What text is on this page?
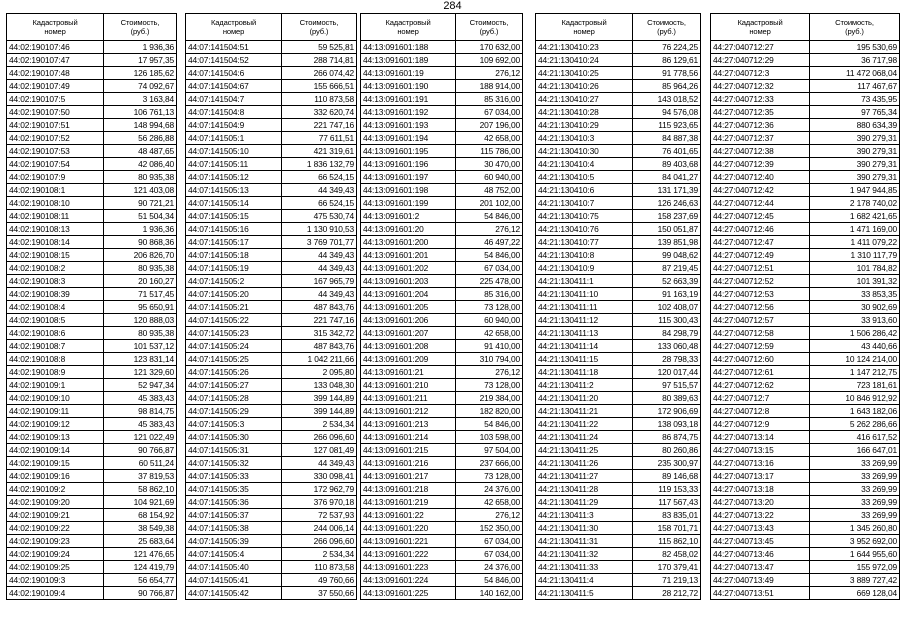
284
Кадастровый
номер	Стоимость,
(руб.)
44:02:190107:46	1 936,36
44:02:190107:47	17 957,35
44:02:190107:48	126 185,62
44:02:190107:49	74 092,67
44:02:190107:5	3 163,84
44:02:190107:50	106 761,13
44:02:190107:51	148 994,68
44:02:190107:52	56 286,88
44:02:190107:53	48 487,65
44:02:190107:54	42 086,40
44:02:190107:9	80 935,38
44:02:190108:1	121 403,08
44:02:190108:10	90 721,21
44:02:190108:11	51 504,34
44:02:190108:13	1 936,36
44:02:190108:14	90 868,36
44:02:190108:15	206 826,70
44:02:190108:2	80 935,38
44:02:190108:3	20 160,27
44:02:190108:39	71 517,45
44:02:190108:4	95 650,91
44:02:190108:5	120 888,03
44:02:190108:6	80 935,38
44:02:190108:7	101 537,12
44:02:190108:8	123 831,14
44:02:190108:9	121 329,60
44:02:190109:1	52 947,34
44:02:190109:10	45 383,43
44:02:190109:11	98 814,75
44:02:190109:12	45 383,43
44:02:190109:13	121 022,49
44:02:190109:14	90 766,87
44:02:190109:15	60 511,24
44:02:190109:16	37 819,53
44:02:190109:2	58 862,10
44:02:190109:20	104 921,69
44:02:190109:21	68 154,92
44:02:190109:22	38 549,38
44:02:190109:23	25 683,64
44:02:190109:24	121 476,65
44:02:190109:25	124 419,79
44:02:190109:3	56 654,77
44:02:190109:4	90 766,87
Кадастровый
номер	Стоимость,
(руб.)
44:07:141504:51	59 525,81
44:07:141504:52	288 714,81
44:07:141504:6	266 074,42
44:07:141504:67	155 666,51
44:07:141504:7	110 873,58
44:07:141504:8	332 620,74
44:07:141504:9	221 747,16
44:07:141505:1	77 611,51
44:07:141505:10	421 319,61
44:07:141505:11	1 836 132,79
44:07:141505:12	66 524,15
44:07:141505:13	44 349,43
44:07:141505:14	66 524,15
44:07:141505:15	475 530,74
44:07:141505:16	1 130 910,53
44:07:141505:17	3 769 701,77
44:07:141505:18	44 349,43
44:07:141505:19	44 349,43
44:07:141505:2	167 965,79
44:07:141505:20	44 349,43
44:07:141505:21	487 843,76
44:07:141505:22	221 747,16
44:07:141505:23	315 342,72
44:07:141505:24	487 843,76
44:07:141505:25	1 042 211,66
44:07:141505:26	2 095,80
44:07:141505:27	133 048,30
44:07:141505:28	399 144,89
44:07:141505:29	399 144,89
44:07:141505:3	2 534,34
44:07:141505:30	266 096,60
44:07:141505:31	127 081,49
44:07:141505:32	44 349,43
44:07:141505:33	330 098,41
44:07:141505:35	172 962,79
44:07:141505:36	376 970,18
44:07:141505:37	72 537,93
44:07:141505:38	244 006,14
44:07:141505:39	266 096,60
44:07:141505:4	2 534,34
44:07:141505:40	110 873,58
44:07:141505:41	49 760,66
44:07:141505:42	37 550,66
Кадастровый
номер	Стоимость,
(руб.)
44:13:091601:188	170 632,00
44:13:091601:189	109 692,00
44:13:091601:19	276,12
44:13:091601:190	188 914,00
44:13:091601:191	85 316,00
44:13:091601:192	67 034,00
44:13:091601:193	207 196,00
44:13:091601:194	42 658,00
44:13:091601:195	115 786,00
44:13:091601:196	30 470,00
44:13:091601:197	60 940,00
44:13:091601:198	48 752,00
44:13:091601:199	201 102,00
44:13:091601:2	54 846,00
44:13:091601:20	276,12
44:13:091601:200	46 497,22
44:13:091601:201	54 846,00
44:13:091601:202	67 034,00
44:13:091601:203	225 478,00
44:13:091601:204	85 316,00
44:13:091601:205	73 128,00
44:13:091601:206	60 940,00
44:13:091601:207	42 658,00
44:13:091601:208	91 410,00
44:13:091601:209	310 794,00
44:13:091601:21	276,12
44:13:091601:210	73 128,00
44:13:091601:211	219 384,00
44:13:091601:212	182 820,00
44:13:091601:213	54 846,00
44:13:091601:214	103 598,00
44:13:091601:215	97 504,00
44:13:091601:216	237 666,00
44:13:091601:217	73 128,00
44:13:091601:218	24 376,00
44:13:091601:219	42 658,00
44:13:091601:22	276,12
44:13:091601:220	152 350,00
44:13:091601:221	67 034,00
44:13:091601:222	67 034,00
44:13:091601:223	24 376,00
44:13:091601:224	54 846,00
44:13:091601:225	140 162,00
Кадастровый
номер	Стоимость,
(руб.)
44:21:130410:23	76 224,25
44:21:130410:24	86 129,61
44:21:130410:25	91 778,56
44:21:130410:26	85 964,26
44:21:130410:27	143 018,52
44:21:130410:28	94 576,08
44:21:130410:29	115 923,65
44:21:130410:3	84 887,38
44:21:130410:30	76 401,65
44:21:130410:4	89 403,68
44:21:130410:5	84 041,27
44:21:130410:6	131 171,39
44:21:130410:7	126 246,63
44:21:130410:75	158 237,69
44:21:130410:76	150 051,87
44:21:130410:77	139 851,98
44:21:130410:8	99 048,62
44:21:130410:9	87 219,45
44:21:130411:1	52 663,39
44:21:130411:10	91 163,19
44:21:130411:11	102 408,07
44:21:130411:12	115 300,43
44:21:130411:13	84 298,79
44:21:130411:14	133 060,48
44:21:130411:15	28 798,33
44:21:130411:18	120 017,44
44:21:130411:2	97 515,57
44:21:130411:20	80 389,63
44:21:130411:21	172 906,69
44:21:130411:22	138 093,18
44:21:130411:24	86 874,75
44:21:130411:25	80 260,86
44:21:130411:26	235 300,97
44:21:130411:27	89 146,68
44:21:130411:28	119 153,33
44:21:130411:29	117 567,43
44:21:130411:3	83 835,01
44:21:130411:30	158 701,71
44:21:130411:31	115 862,10
44:21:130411:32	82 458,02
44:21:130411:33	170 379,41
44:21:130411:4	71 219,13
44:21:130411:5	28 212,72
Кадастровый
номер	Стоимость,
(руб.)
44:27:040712:27	195 530,69
44:27:040712:29	36 717,98
44:27:040712:3	11 472 068,04
44:27:040712:32	117 467,67
44:27:040712:33	73 435,95
44:27:040712:35	97 765,34
44:27:040712:36	880 634,39
44:27:040712:37	390 279,31
44:27:040712:38	390 279,31
44:27:040712:39	390 279,31
44:27:040712:40	390 279,31
44:27:040712:42	1 947 944,85
44:27:040712:44	2 178 740,02
44:27:040712:45	1 682 421,65
44:27:040712:46	1 471 169,00
44:27:040712:47	1 411 079,22
44:27:040712:49	1 310 117,79
44:27:040712:51	101 784,82
44:27:040712:52	101 391,32
44:27:040712:53	33 853,35
44:27:040712:56	30 902,69
44:27:040712:57	33 913,60
44:27:040712:58	1 506 286,42
44:27:040712:59	43 440,66
44:27:040712:60	10 124 214,00
44:27:040712:61	1 147 212,75
44:27:040712:62	723 181,61
44:27:040712:7	10 846 912,92
44:27:040712:8	1 643 182,06
44:27:040712:9	5 262 286,66
44:27:040713:14	416 617,52
44:27:040713:15	166 647,01
44:27:040713:16	33 269,99
44:27:040713:17	33 269,99
44:27:040713:18	33 269,99
44:27:040713:20	33 269,99
44:27:040713:22	33 269,99
44:27:040713:43	1 345 260,80
44:27:040713:45	3 952 692,00
44:27:040713:46	1 644 955,60
44:27:040713:47	155 972,09
44:27:040713:49	3 889 727,42
44:27:040713:51	669 128,04
